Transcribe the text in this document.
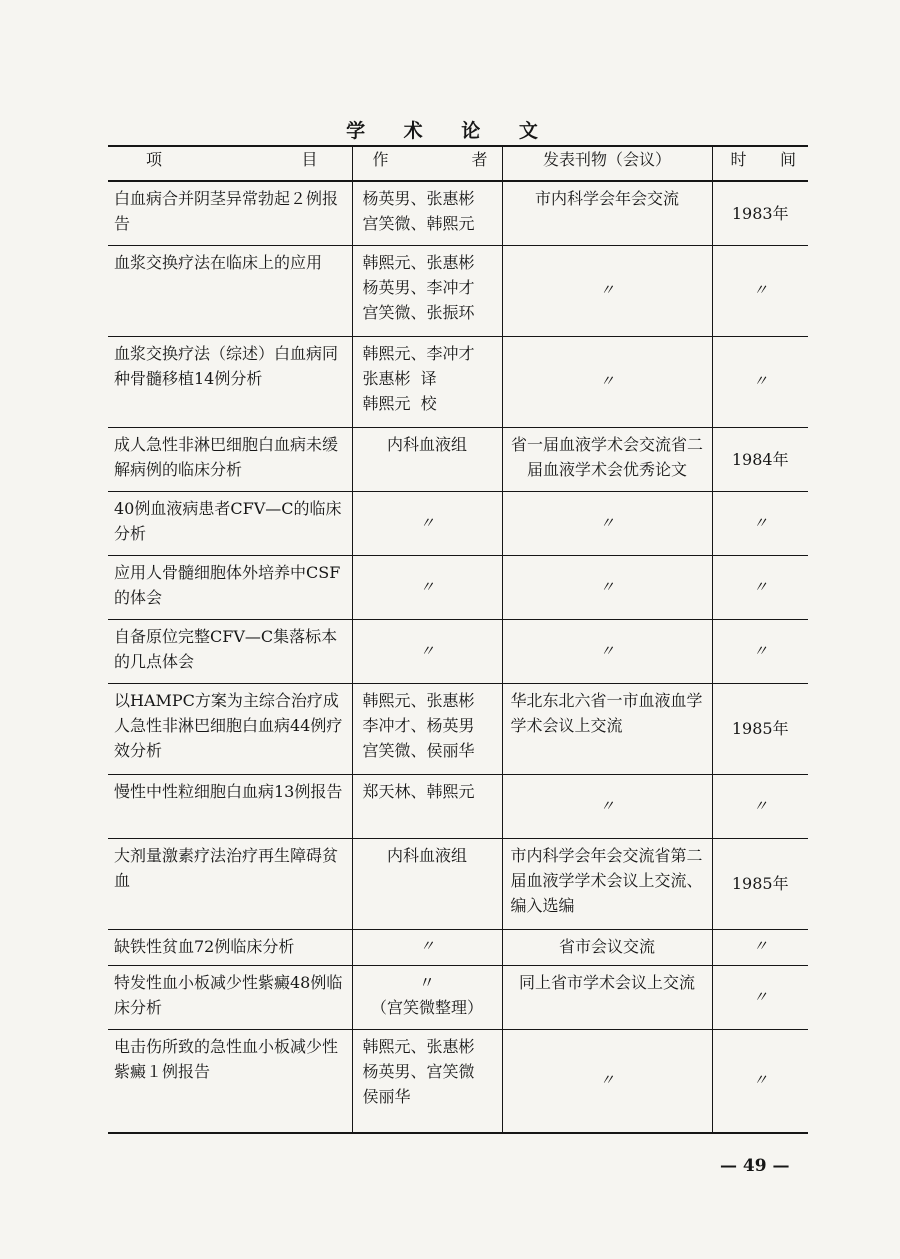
学 术 论 文
项 目	作 者	发表刊物（会议）	时 间

白血病合并阴茎异常勃起２例报告	杨英男、张惠彬
宫笑微、韩熙元	市内科学会年会交流	1983年
血浆交换疗法在临床上的应用	韩熙元、张惠彬
杨英男、李冲才
宫笑微、张振环	〃	〃
血浆交换疗法（综述）白血病同种骨髓移植14例分析	韩熙元、李冲才
张惠彬  译
韩熙元  校	〃	〃
成人急性非淋巴细胞白血病未缓解病例的临床分析	内科血液组	省一届血液学术会交流省二届血液学术会优秀论文	1984年
40例血液病患者CFV—C的临床分析	〃	〃	〃
应用人骨髓细胞体外培养中CSF的体会	〃	〃	〃
自备原位完整CFV—C集落标本的几点体会	〃	〃	〃
以HAMPC方案为主综合治疗成人急性非淋巴细胞白血病44例疗效分析	韩熙元、张惠彬
李冲才、杨英男
宫笑微、侯丽华	华北东北六省一市血液血学学术会议上交流	1985年
慢性中性粒细胞白血病13例报告	郑天林、韩熙元	〃	〃
大剂量激素疗法治疗再生障碍贫血	内科血液组	市内科学会年会交流省第二届血液学学术会议上交流、编入选编	1985年
缺铁性贫血72例临床分析	〃	省市会议交流	〃
特发性血小板减少性紫癜48例临床分析	〃
（宫笑微整理）	同上省市学术会议上交流	〃
电击伤所致的急性血小板减少性紫癜１例报告	韩熙元、张惠彬
杨英男、宫笑微
侯丽华	〃	〃
— 49 —
